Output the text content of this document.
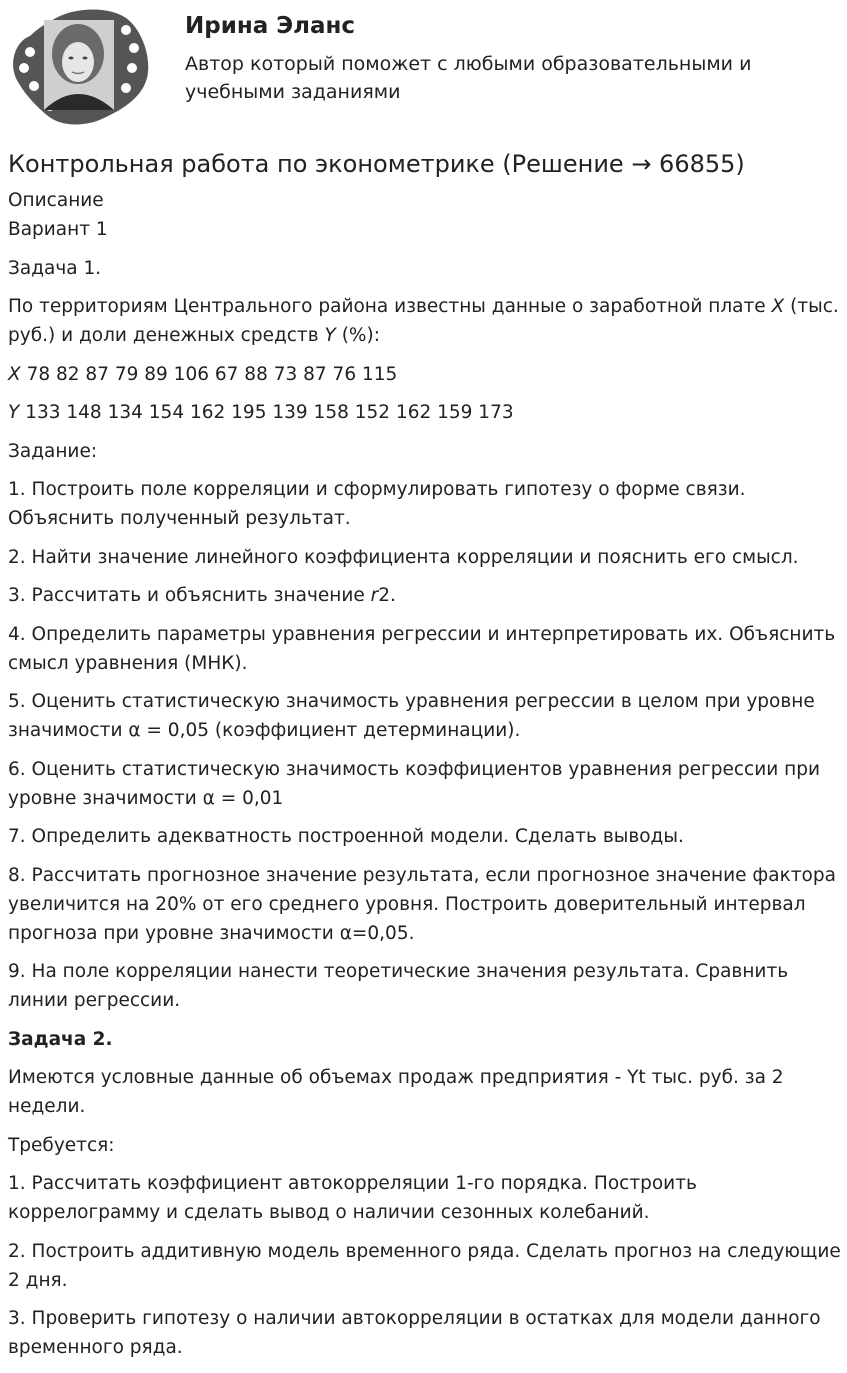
Ирина Эланс
Автор который поможет с любыми образовательными и учебными заданиями
Контрольная работа по эконометрике (Решение → 66855)

Описание

Вариант 1

Задача 1.

По территориям Центрального района известны данные о заработной плате X (тыс. руб.) и доли денежных средств Y (%):

X 78 82 87 79 89 106 67 88 73 87 76 115

Y 133 148 134 154 162 195 139 158 152 162 159 173

Задание:

1. Построить поле корреляции и сформулировать гипотезу о форме связи. Объяснить полученный результат.

2. Найти значение линейного коэффициента корреляции и пояснить его смысл.

3. Рассчитать и объяснить значение r2.

4. Определить параметры уравнения регрессии и интерпретировать их. Объяснить смысл уравнения (МНК).

5. Оценить статистическую значимость уравнения регрессии в целом при уровне значимости α = 0,05 (коэффициент детерминации).

6. Оценить статистическую значимость коэффициентов уравнения регрессии при уровне значимости α = 0,01

7. Определить адекватность построенной модели. Сделать выводы.

8. Рассчитать прогнозное значение результата, если прогнозное значение фактора увеличится на 20% от его среднего уровня. Построить доверительный интервал прогноза при уровне значимости α=0,05.

9. На поле корреляции нанести теоретические значения результата. Сравнить линии регрессии.

Задача 2.

Имеются условные данные об объемах продаж предприятия - Yt тыс. руб. за 2 недели.

Требуется:

1. Рассчитать коэффициент автокорреляции 1-го порядка. Построить коррелограмму и сделать вывод о наличии сезонных колебаний.

2. Построить аддитивную модель временного ряда. Сделать прогноз на следующие 2 дня.

3. Проверить гипотезу о наличии автокорреляции в остатках для модели данного временного ряда.
